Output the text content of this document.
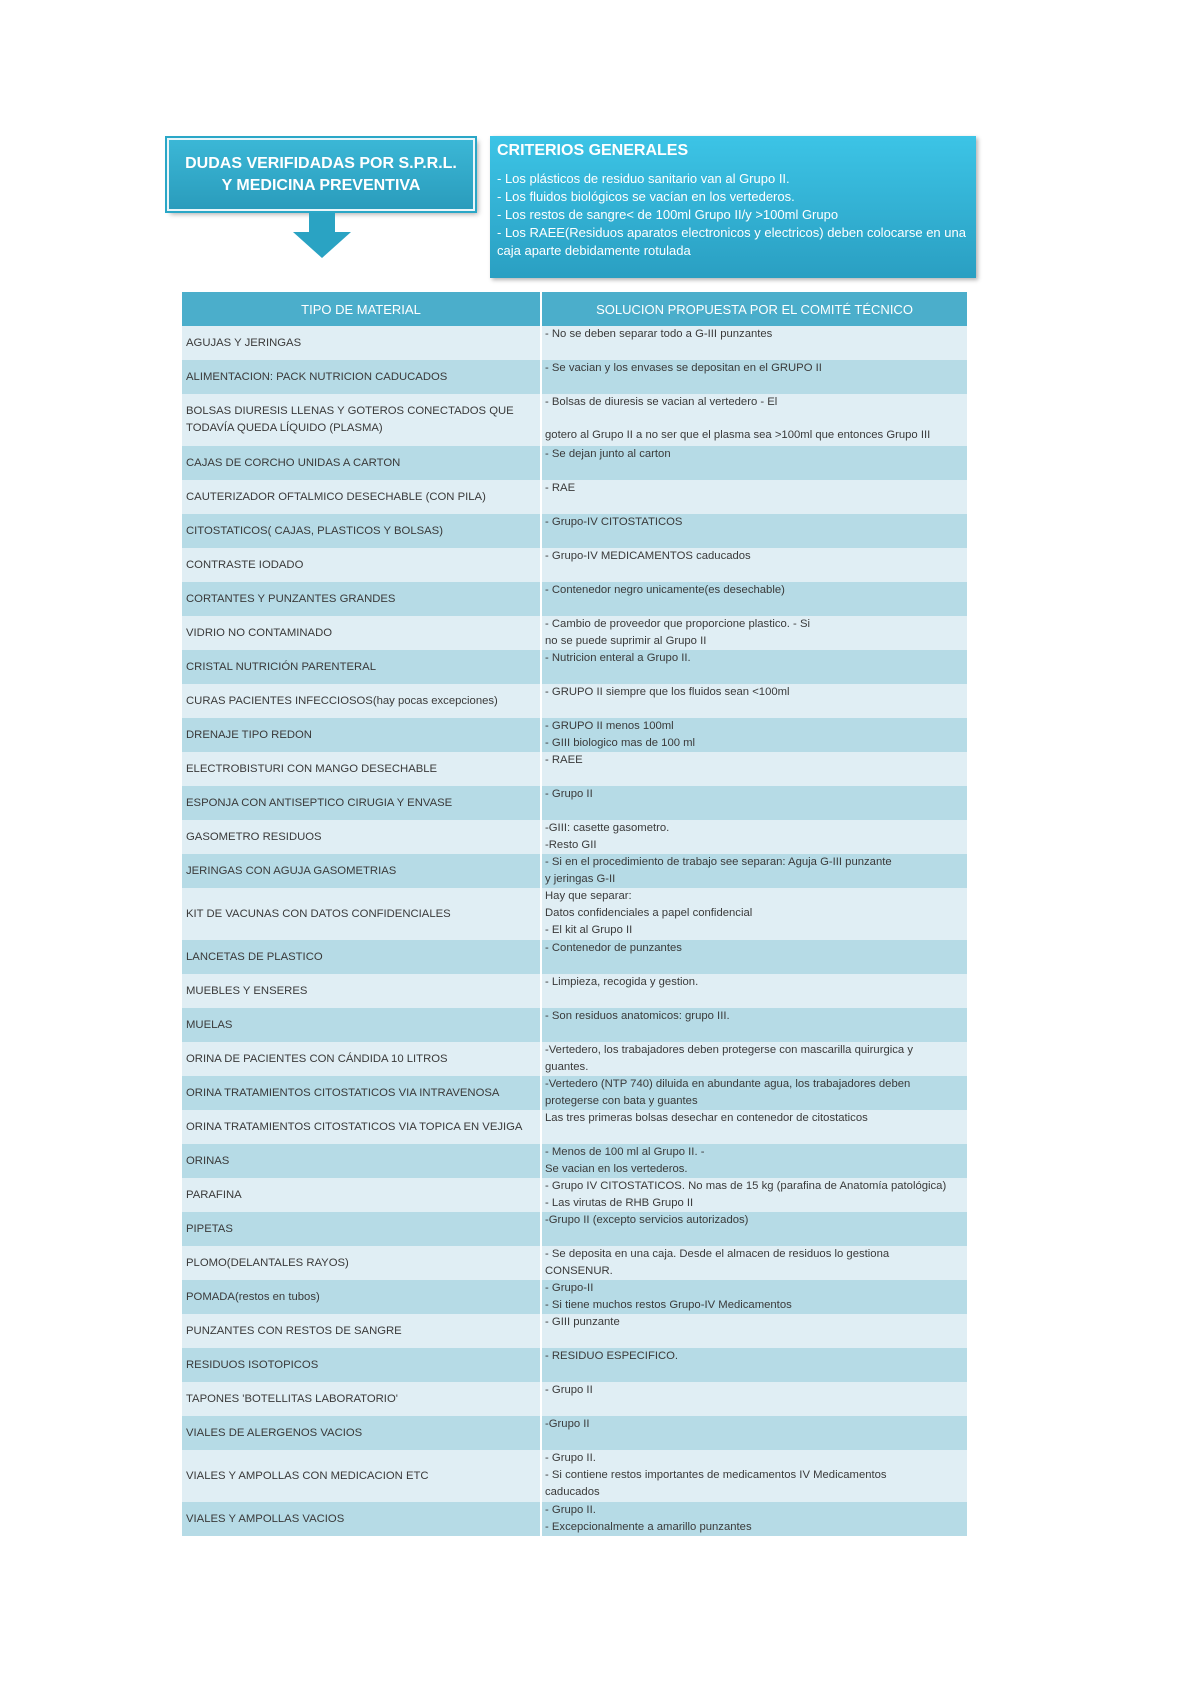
DUDAS VERIFIDADAS POR S.P.R.L. Y MEDICINA PREVENTIVA
CRITERIOS GENERALES
- Los plásticos de residuo sanitario van al Grupo II.
- Los fluidos biológicos se vacían en los vertederos.
- Los restos de sangre< de 100ml Grupo II/y >100ml Grupo
- Los RAEE(Residuos aparatos electronicos y electricos) deben colocarse en una caja aparte debidamente rotulada
TIPO DE MATERIAL	SOLUCION PROPUESTA POR EL COMITÉ TÉCNICO
AGUJAS Y JERINGAS
- No se deben separar todo a G-III punzantes
ALIMENTACION: PACK NUTRICION CADUCADOS
- Se vacian y los envases se depositan en el GRUPO II
BOLSAS DIURESIS LLENAS Y GOTEROS CONECTADOS QUE TODAVÍA QUEDA LÍQUIDO (PLASMA)
- Bolsas de diuresis se vacian al vertedero - El
gotero al Grupo II a no ser que el plasma sea >100ml que entonces Grupo III
CAJAS DE CORCHO UNIDAS A CARTON
- Se dejan junto al carton
CAUTERIZADOR OFTALMICO DESECHABLE (CON PILA)
- RAE
CITOSTATICOS( CAJAS, PLASTICOS Y BOLSAS)
- Grupo-IV CITOSTATICOS
CONTRASTE IODADO
- Grupo-IV MEDICAMENTOS caducados
CORTANTES Y PUNZANTES GRANDES
- Contenedor negro unicamente(es desechable)
VIDRIO NO CONTAMINADO
- Cambio de proveedor que proporcione plastico. - Si
no se puede suprimir al Grupo II
CRISTAL NUTRICIÓN PARENTERAL
- Nutricion enteral a Grupo II.
CURAS PACIENTES INFECCIOSOS(hay pocas excepciones)
- GRUPO II siempre que los fluidos sean <100ml
DRENAJE TIPO REDON
- GRUPO II menos 100ml
- GIII biologico mas de 100 ml
ELECTROBISTURI CON MANGO DESECHABLE
- RAEE
ESPONJA CON ANTISEPTICO CIRUGIA Y ENVASE
- Grupo II
GASOMETRO RESIDUOS
-GIII: casette gasometro.
-Resto GII
JERINGAS CON AGUJA GASOMETRIAS
- Si en el procedimiento de trabajo see separan: Aguja G-III punzante
y jeringas G-II
KIT DE VACUNAS CON DATOS CONFIDENCIALES
Hay que separar:
Datos confidenciales a papel confidencial
- El kit al Grupo II
LANCETAS DE PLASTICO
- Contenedor de punzantes
MUEBLES Y ENSERES
- Limpieza, recogida y gestion.
MUELAS
- Son residuos anatomicos: grupo III.
ORINA DE PACIENTES CON CÁNDIDA 10 LITROS
-Vertedero, los trabajadores deben protegerse con mascarilla quirurgica y
guantes.
ORINA TRATAMIENTOS CITOSTATICOS VIA INTRAVENOSA
-Vertedero (NTP 740) diluida en abundante agua, los trabajadores deben
protegerse con bata y guantes
ORINA TRATAMIENTOS CITOSTATICOS VIA TOPICA EN VEJIGA
Las tres primeras bolsas desechar en contenedor de citostaticos
ORINAS
- Menos de 100 ml al Grupo II. -
Se vacian en los vertederos.
PARAFINA
- Grupo IV CITOSTATICOS. No mas de 15 kg (parafina de Anatomía patológica)
- Las virutas de RHB Grupo II
PIPETAS
-Grupo II (excepto servicios autorizados)
PLOMO(DELANTALES RAYOS)
- Se deposita en una caja. Desde el almacen de residuos lo gestiona
CONSENUR.
POMADA(restos en tubos)
- Grupo-II
- Si tiene muchos restos Grupo-IV Medicamentos
PUNZANTES CON RESTOS DE SANGRE
- GIII punzante
RESIDUOS ISOTOPICOS
- RESIDUO ESPECIFICO.
TAPONES 'BOTELLITAS LABORATORIO'
- Grupo II
VIALES DE ALERGENOS VACIOS
-Grupo II
VIALES Y AMPOLLAS CON MEDICACION ETC
- Grupo II.
- Si contiene restos importantes de medicamentos IV Medicamentos
caducados
VIALES Y AMPOLLAS VACIOS
- Grupo II.
- Excepcionalmente a amarillo punzantes
